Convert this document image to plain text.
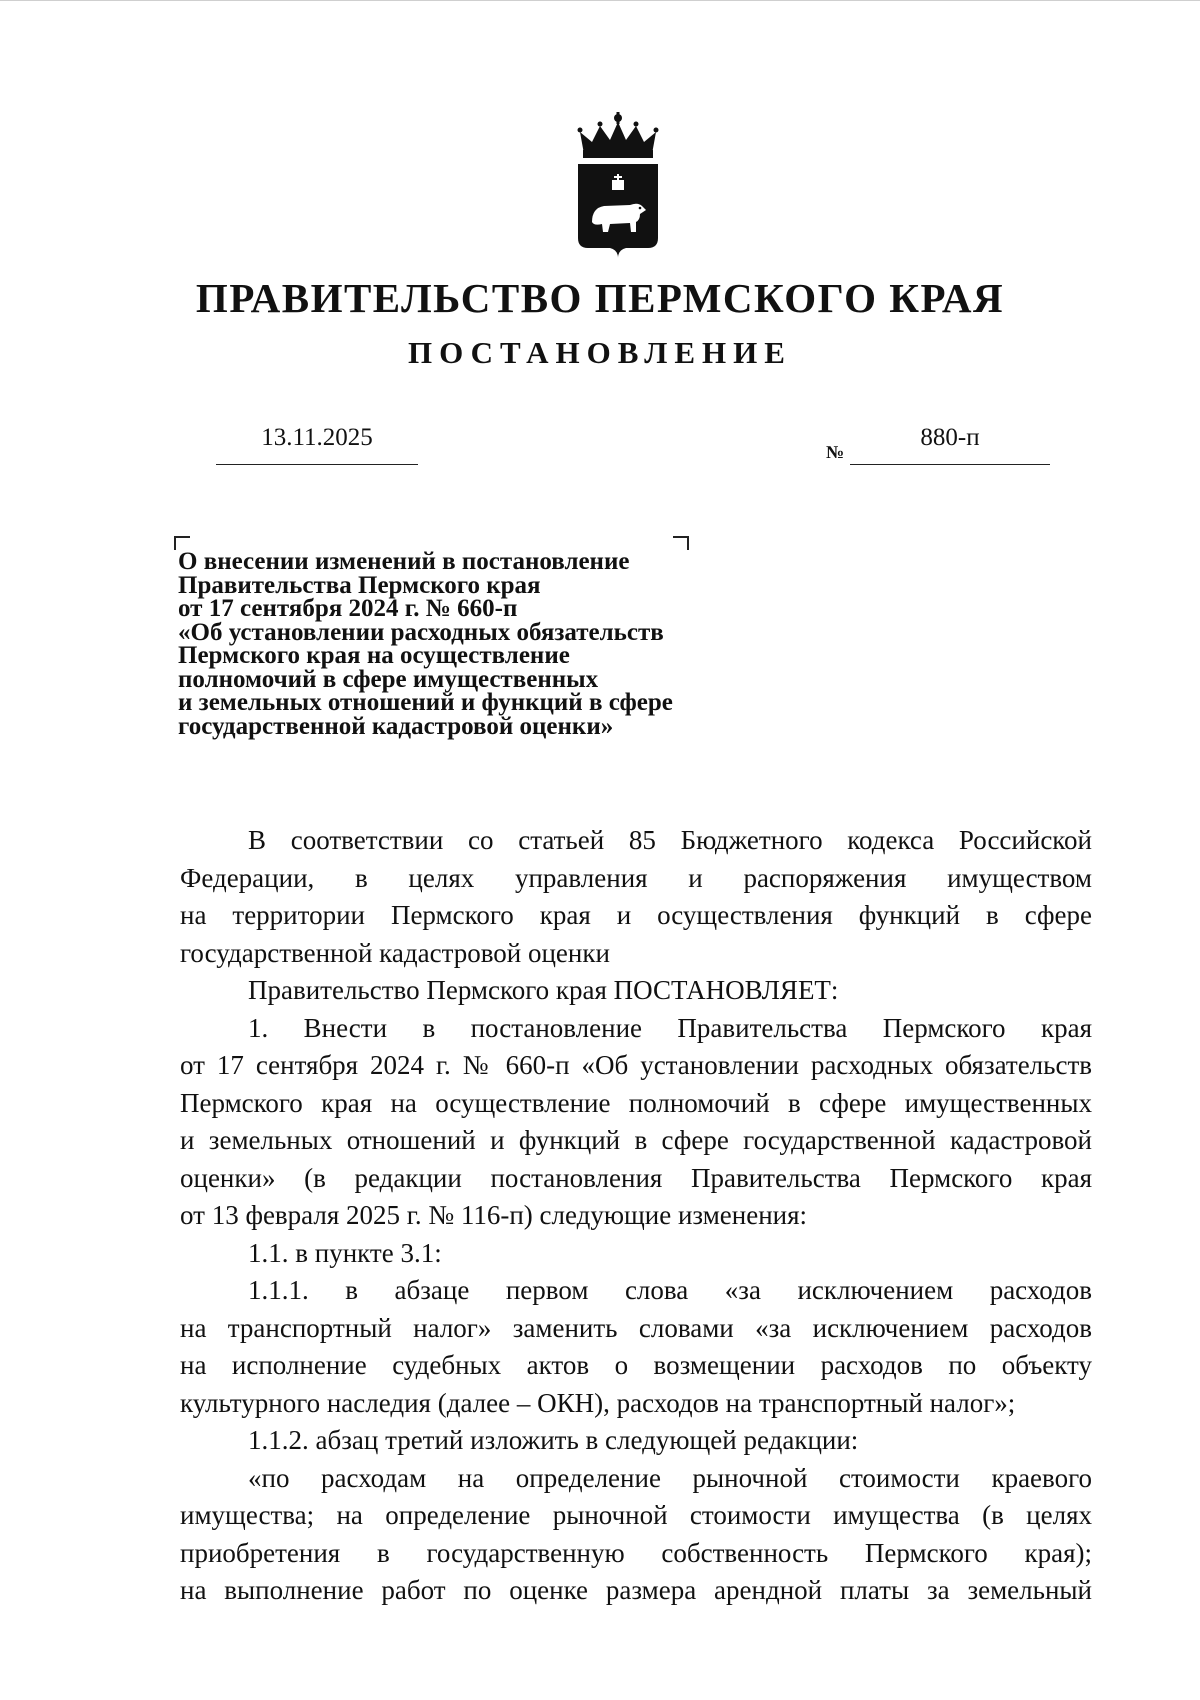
ПРАВИТЕЛЬСТВО ПЕРМСКОГО КРАЯ
ПОСТАНОВЛЕНИЕ
13.11.2025
№
880-п
О внесении изменений в постановление
Правительства Пермского края
от 17 сентября 2024 г. № 660-п
«Об установлении расходных обязательств
Пермского края на осуществление
полномочий в сфере имущественных
и земельных отношений и функций в сфере
государственной кадастровой оценки»
В соответствии со статьей 85 Бюджетного кодекса Российской
Федерации, в целях управления и распоряжения имуществом
на территории Пермского края и осуществления функций в сфере
государственной кадастровой оценки
Правительство Пермского края ПОСТАНОВЛЯЕТ:
1. Внести в постановление Правительства Пермского края
от 17 сентября 2024 г. № 660-п «Об установлении расходных обязательств
Пермского края на осуществление полномочий в сфере имущественных
и земельных отношений и функций в сфере государственной кадастровой
оценки» (в редакции постановления Правительства Пермского края
от 13 февраля 2025 г. № 116-п) следующие изменения:
1.1. в пункте 3.1:
1.1.1. в абзаце первом слова «за исключением расходов
на транспортный налог» заменить словами «за исключением расходов
на исполнение судебных актов о возмещении расходов по объекту
культурного наследия (далее – ОКН), расходов на транспортный налог»;
1.1.2. абзац третий изложить в следующей редакции:
«по расходам на определение рыночной стоимости краевого
имущества; на определение рыночной стоимости имущества (в целях
приобретения в государственную собственность Пермского края);
на выполнение работ по оценке размера арендной платы за земельный
